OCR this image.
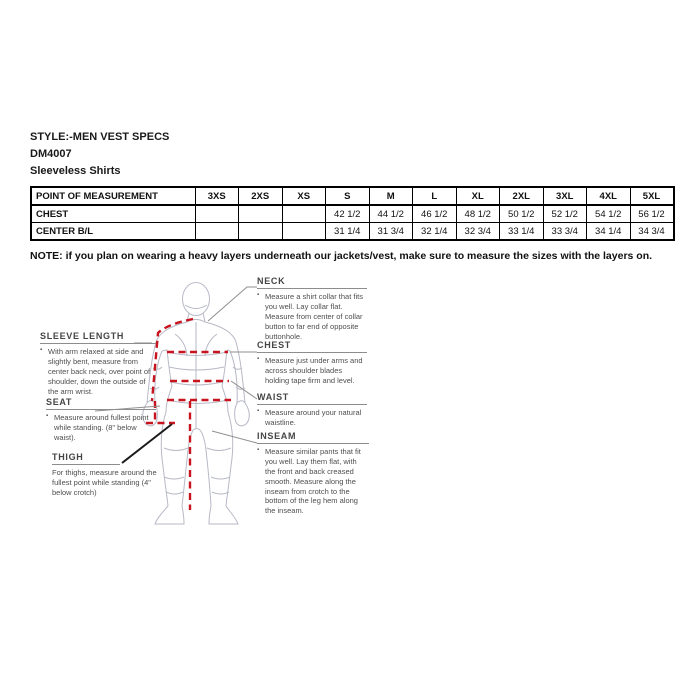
STYLE:-MEN VEST SPECS
DM4007
Sleeveless Shirts
POINT OF MEASUREMENT	3XS	2XS	XS	S	M	L	XL	2XL	3XL	4XL	5XL
CHEST				42 1/2	44 1/2	46 1/2	48 1/2	50 1/2	52 1/2	54 1/2	56 1/2
CENTER B/L				31 1/4	31 3/4	32 1/4	32 3/4	33 1/4	33 3/4	34 1/4	34 3/4
NOTE: if you plan on wearing a heavy layers underneath our jackets/vest, make sure to measure the sizes with the layers on.
SLEEVE LENGTH

▪ With arm relaxed at side and slightly bent, measure from center back neck, over point of shoulder, down the outside of the arm wrist.

SEAT

▪ Measure around fullest point while standing. (8" below waist).

THIGH

For thighs, measure around the fullest point while standing (4" below crotch)

NECK

▪ Measure a shirt collar that fits you well. Lay collar flat. Measure from center of collar button to far end of opposite buttonhole.

CHEST

▪ Measure just under arms and across shoulder blades holding tape firm and level.

WAIST

▪ Measure around your natural waistline.

INSEAM

▪ Measure similar pants that fit you well. Lay them flat, with the front and back creased smooth. Measure along the inseam from crotch to the bottom of the leg hem along the inseam.
